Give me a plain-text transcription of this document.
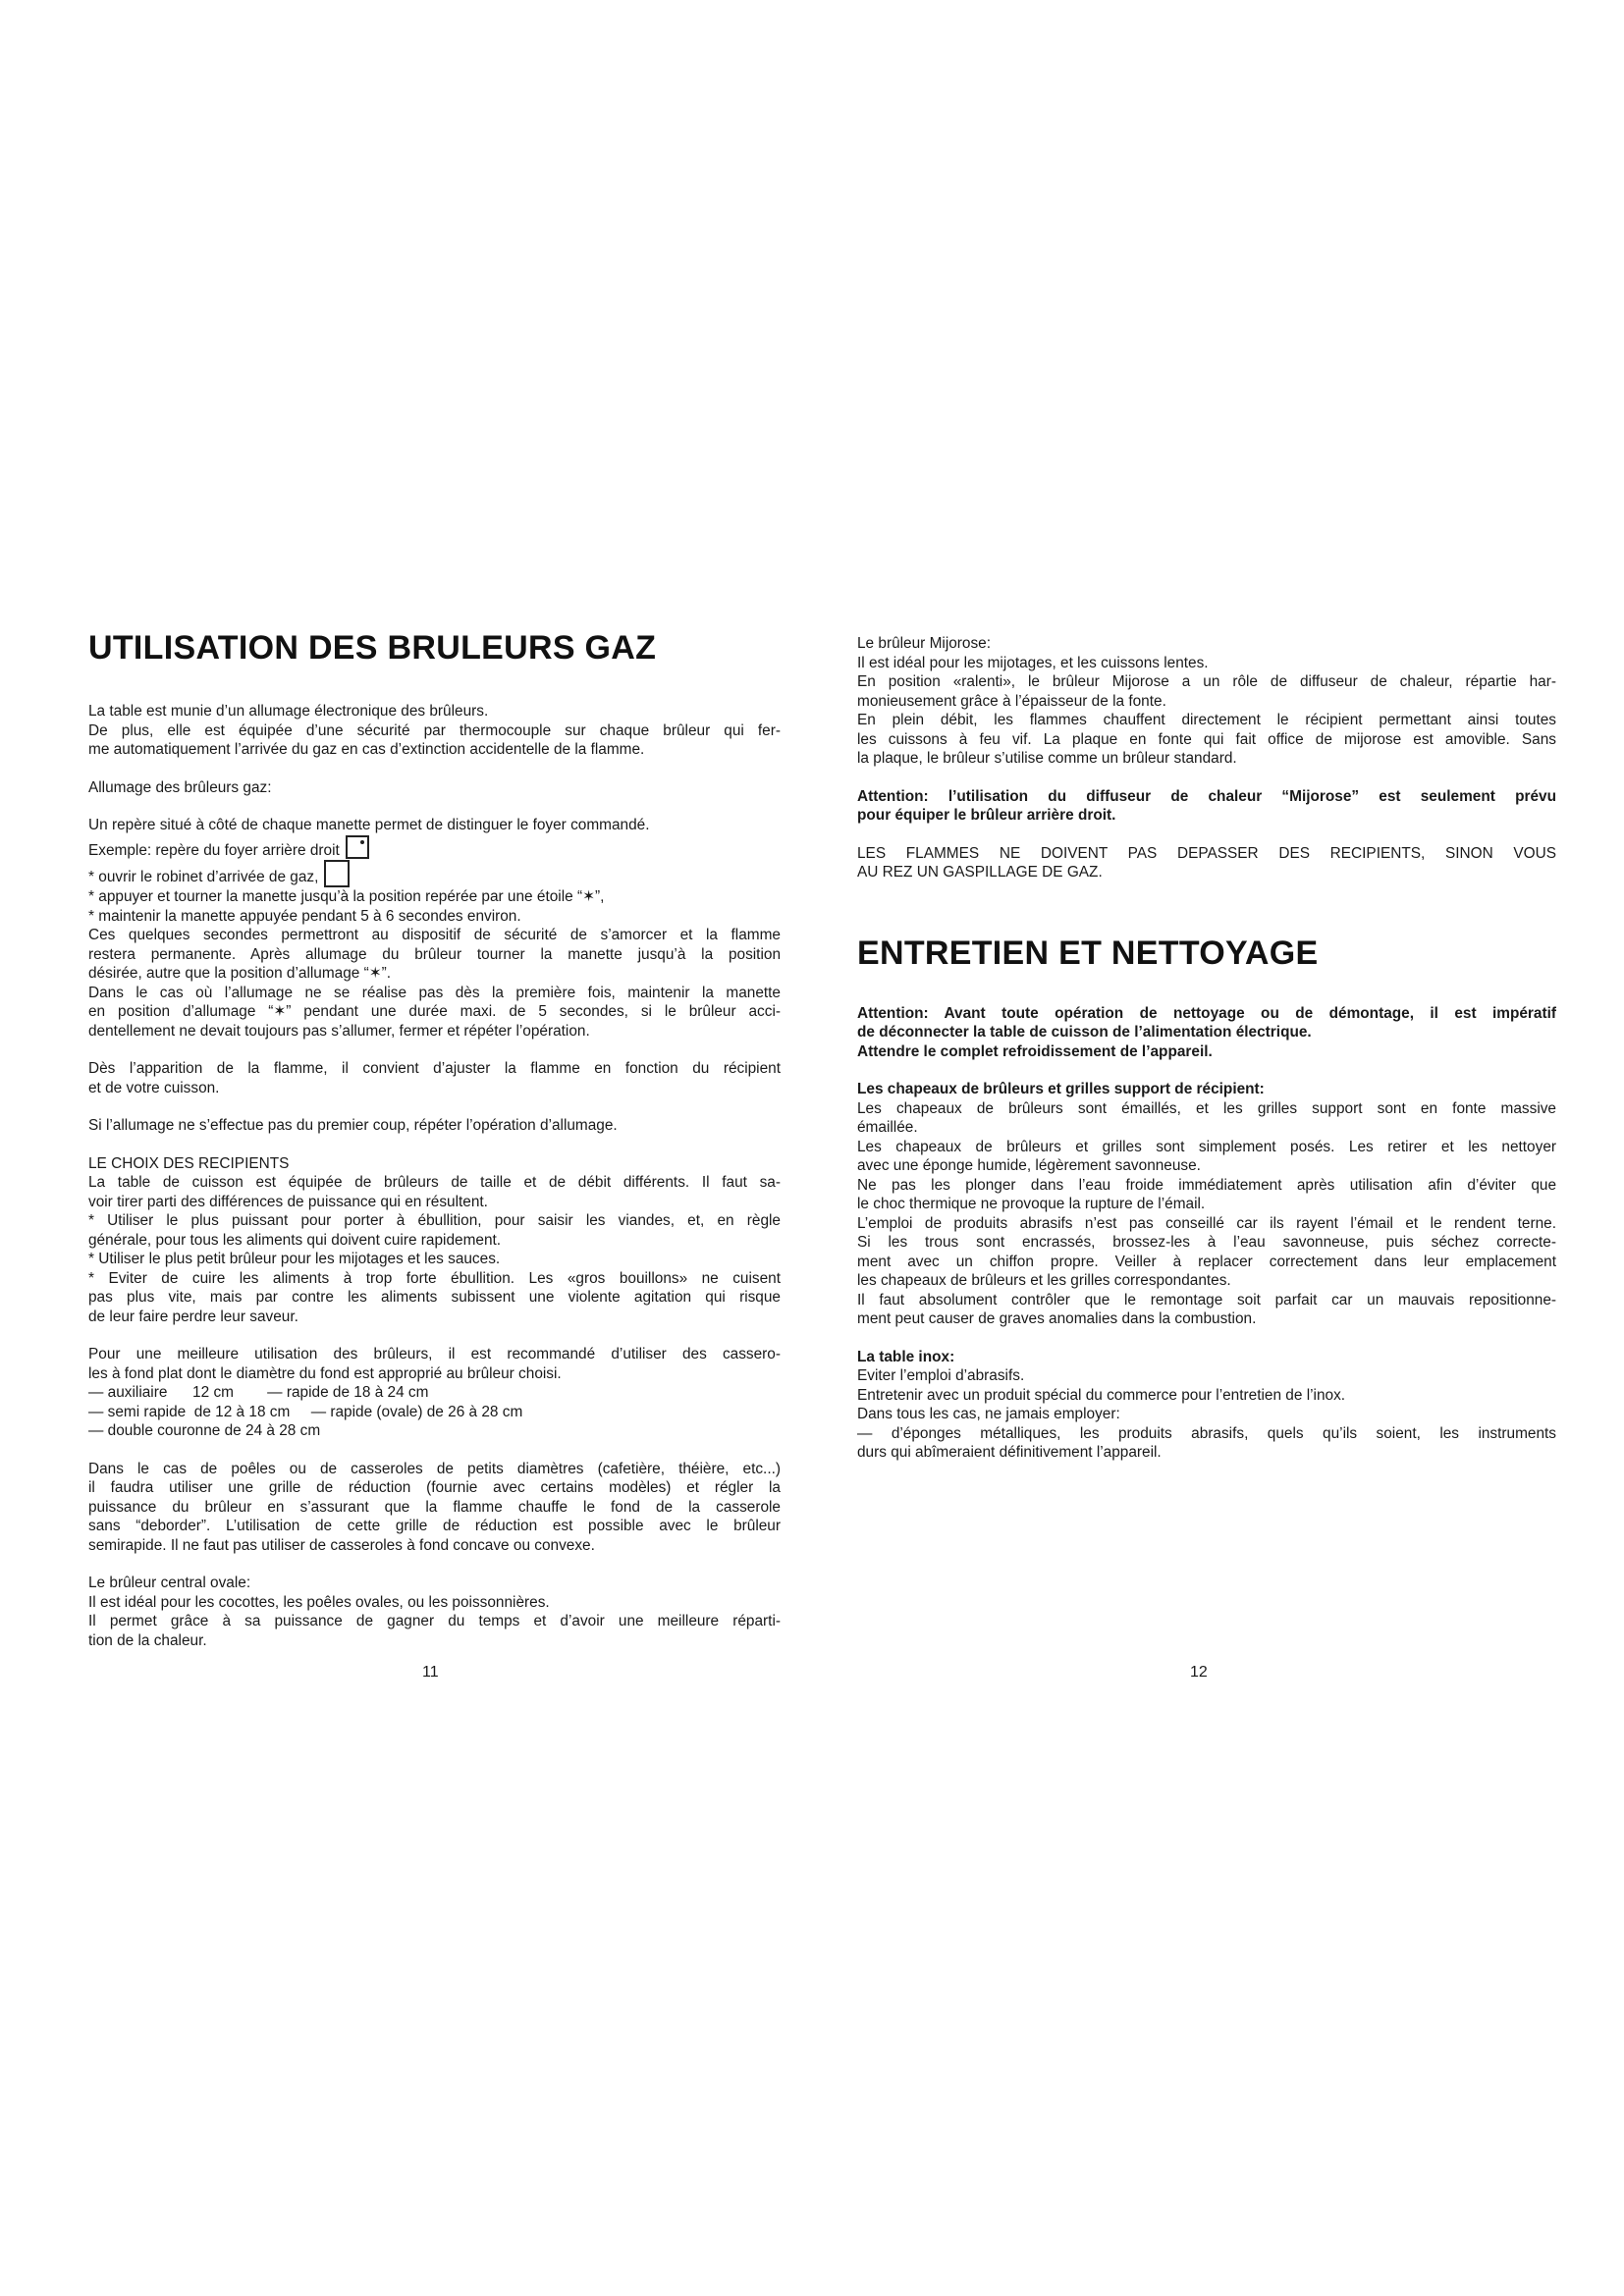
UTILISATION DES BRULEURS GAZ
La table est munie d’un allumage électronique des brûleurs.
De plus, elle est équipée d’une sécurité par thermocouple sur chaque brûleur qui fer-
me automatiquement l’arrivée du gaz en cas d’extinction accidentelle de la flamme.
Allumage des brûleurs gaz:
Un repère situé à côté de chaque manette permet de distinguer le foyer commandé.
Exemple: repère du foyer arrière droit
* ouvrir le robinet d’arrivée de gaz,
* appuyer et tourner la manette jusqu’à la position repérée par une étoile “✶”,
* maintenir la manette appuyée pendant 5 à 6 secondes environ.
Ces quelques secondes permettront au dispositif de sécurité de s’amorcer et la flamme
restera permanente. Après allumage du brûleur tourner la manette jusqu’à la position
désirée, autre que la position d’allumage “✶”.
Dans le cas où l’allumage ne se réalise pas dès la première fois, maintenir la manette
en position d’allumage “✶” pendant une durée maxi. de 5 secondes, si le brûleur acci-
dentellement ne devait toujours pas s’allumer, fermer et répéter l’opération.
Dès l’apparition de la flamme, il convient d’ajuster la flamme en fonction du récipient
et de votre cuisson.
Si l’allumage ne s’effectue pas du premier coup, répéter l’opération d’allumage.
LE CHOIX DES RECIPIENTS
La table de cuisson est équipée de brûleurs de taille et de débit différents. Il faut sa-
voir tirer parti des différences de puissance qui en résultent.
* Utiliser le plus puissant pour porter à ébullition, pour saisir les viandes, et, en règle
générale, pour tous les aliments qui doivent cuire rapidement.
* Utiliser le plus petit brûleur pour les mijotages et les sauces.
* Eviter de cuire les aliments à trop forte ébullition. Les «gros bouillons» ne cuisent
pas plus vite, mais par contre les aliments subissent une violente agitation qui risque
de leur faire perdre leur saveur.
Pour une meilleure utilisation des brûleurs, il est recommandé d’utiliser des cassero-
les à fond plat dont le diamètre du fond est approprié au brûleur choisi.
— auxiliaire      12 cm        — rapide de 18 à 24 cm
— semi rapide  de 12 à 18 cm     — rapide (ovale) de 26 à 28 cm
— double couronne de 24 à 28 cm
Dans le cas de poêles ou de casseroles de petits diamètres (cafetière, théière, etc...)
il faudra utiliser une grille de réduction (fournie avec certains modèles) et régler la
puissance du brûleur en s’assurant que la flamme chauffe le fond de la casserole
sans “deborder”. L’utilisation de cette grille de réduction est possible avec le brûleur
semirapide. Il ne faut pas utiliser de casseroles à fond concave ou convexe.
Le brûleur central ovale:
Il est idéal pour les cocottes, les poêles ovales, ou les poissonnières.
Il permet grâce à sa puissance de gagner du temps et d’avoir une meilleure réparti-
tion de la chaleur.
Le brûleur Mijorose:
Il est idéal pour les mijotages, et les cuissons lentes.
En position «ralenti», le brûleur Mijorose a un rôle de diffuseur de chaleur, répartie har-
monieusement grâce à l’épaisseur de la fonte.
En plein débit, les flammes chauffent directement le récipient permettant ainsi toutes
les cuissons à feu vif. La plaque en fonte qui fait office de mijorose est amovible. Sans
la plaque, le brûleur s’utilise comme un brûleur standard.
Attention: l’utilisation du diffuseur de chaleur “Mijorose” est seulement prévu
pour équiper le brûleur arrière droit.
LES FLAMMES NE DOIVENT PAS DEPASSER DES RECIPIENTS, SINON VOUS
AU REZ UN GASPILLAGE DE GAZ.
ENTRETIEN ET NETTOYAGE
Attention: Avant toute opération de nettoyage ou de démontage, il est impératif
de déconnecter la table de cuisson de l’alimentation électrique.
Attendre le complet refroidissement de l’appareil.
Les chapeaux de brûleurs et grilles support de récipient:
Les chapeaux de brûleurs sont émaillés, et les grilles support sont en fonte massive
émaillée.
Les chapeaux de brûleurs et grilles sont simplement posés. Les retirer et les nettoyer
avec une éponge humide, légèrement savonneuse.
Ne pas les plonger dans l’eau froide immédiatement après utilisation afin d’éviter que
le choc thermique ne provoque la rupture de l’émail.
L’emploi de produits abrasifs n’est pas conseillé car ils rayent l’émail et le rendent terne.
Si les trous sont encrassés, brossez-les à l’eau savonneuse, puis séchez correcte-
ment avec un chiffon propre. Veiller à replacer correctement dans leur emplacement
les chapeaux de brûleurs et les grilles correspondantes.
Il faut absolument contrôler que le remontage soit parfait car un mauvais repositionne-
ment peut causer de graves anomalies dans la combustion.
La table inox:
Eviter l’emploi d’abrasifs.
Entretenir avec un produit spécial du commerce pour l’entretien de l’inox.
Dans tous les cas, ne jamais employer:
— d’éponges métalliques, les produits abrasifs, quels qu’ils soient, les instruments
durs qui abîmeraient définitivement l’appareil.
11	12
